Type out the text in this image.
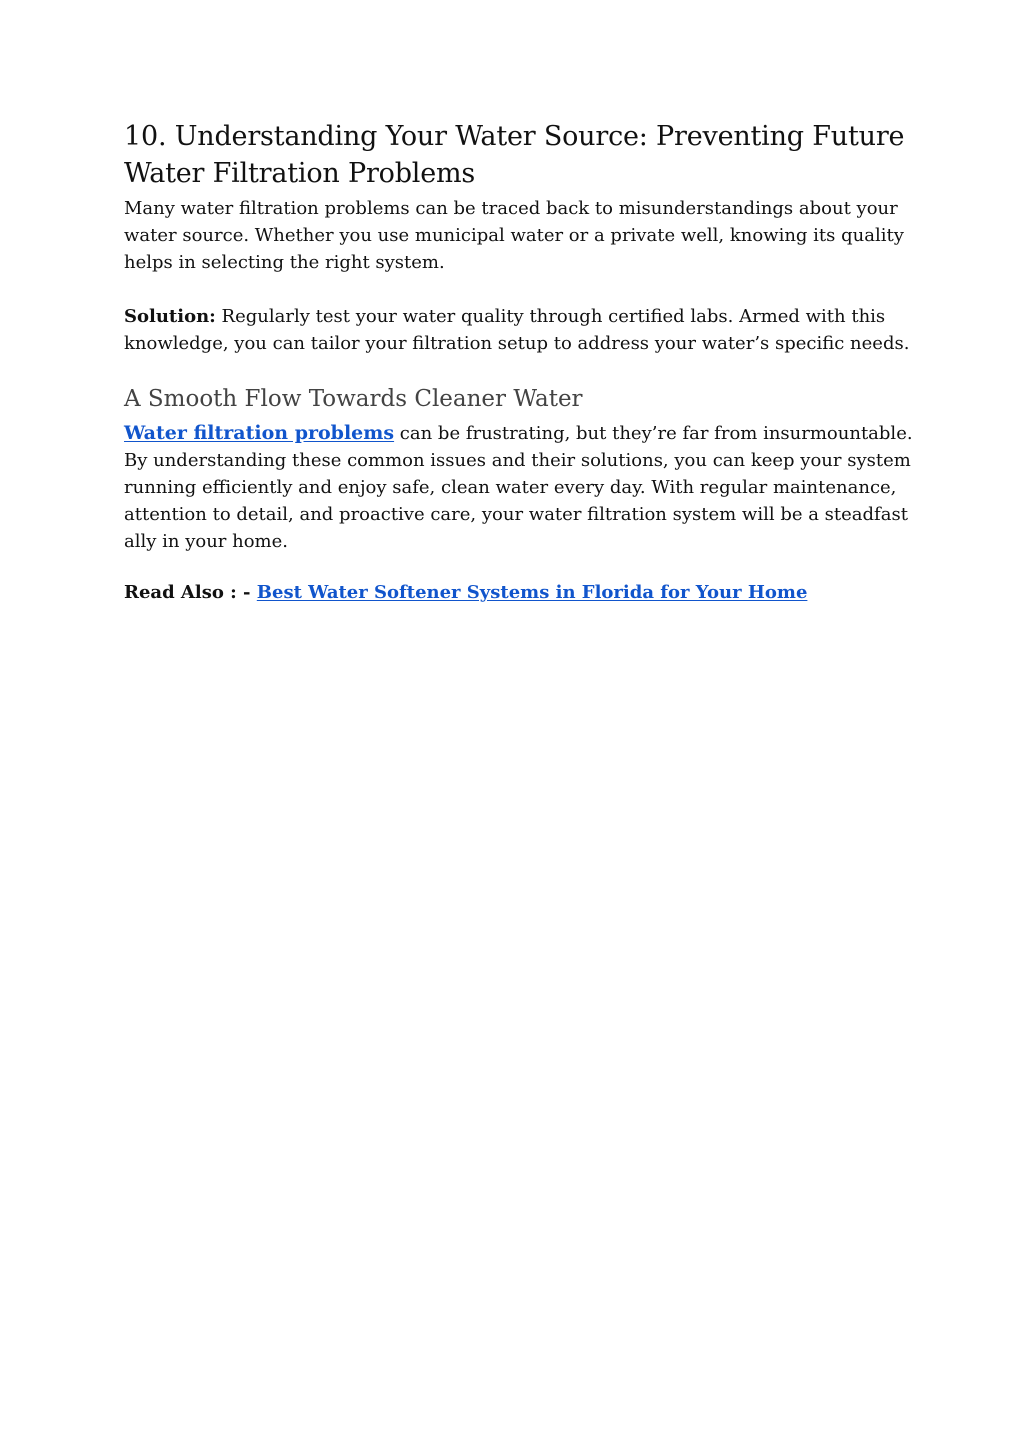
10. Understanding Your Water Source: Preventing Future Water Filtration Problems

Many water filtration problems can be traced back to misunderstandings about your water source. Whether you use municipal water or a private well, knowing its quality helps in selecting the right system.

Solution: Regularly test your water quality through certified labs. Armed with this knowledge, you can tailor your filtration setup to address your water’s specific needs.

A Smooth Flow Towards Cleaner Water

Water filtration problems can be frustrating, but they’re far from insurmountable. By understanding these common issues and their solutions, you can keep your system running efficiently and enjoy safe, clean water every day. With regular maintenance, attention to detail, and proactive care, your water filtration system will be a steadfast ally in your home.

Read Also : - Best Water Softener Systems in Florida for Your Home
